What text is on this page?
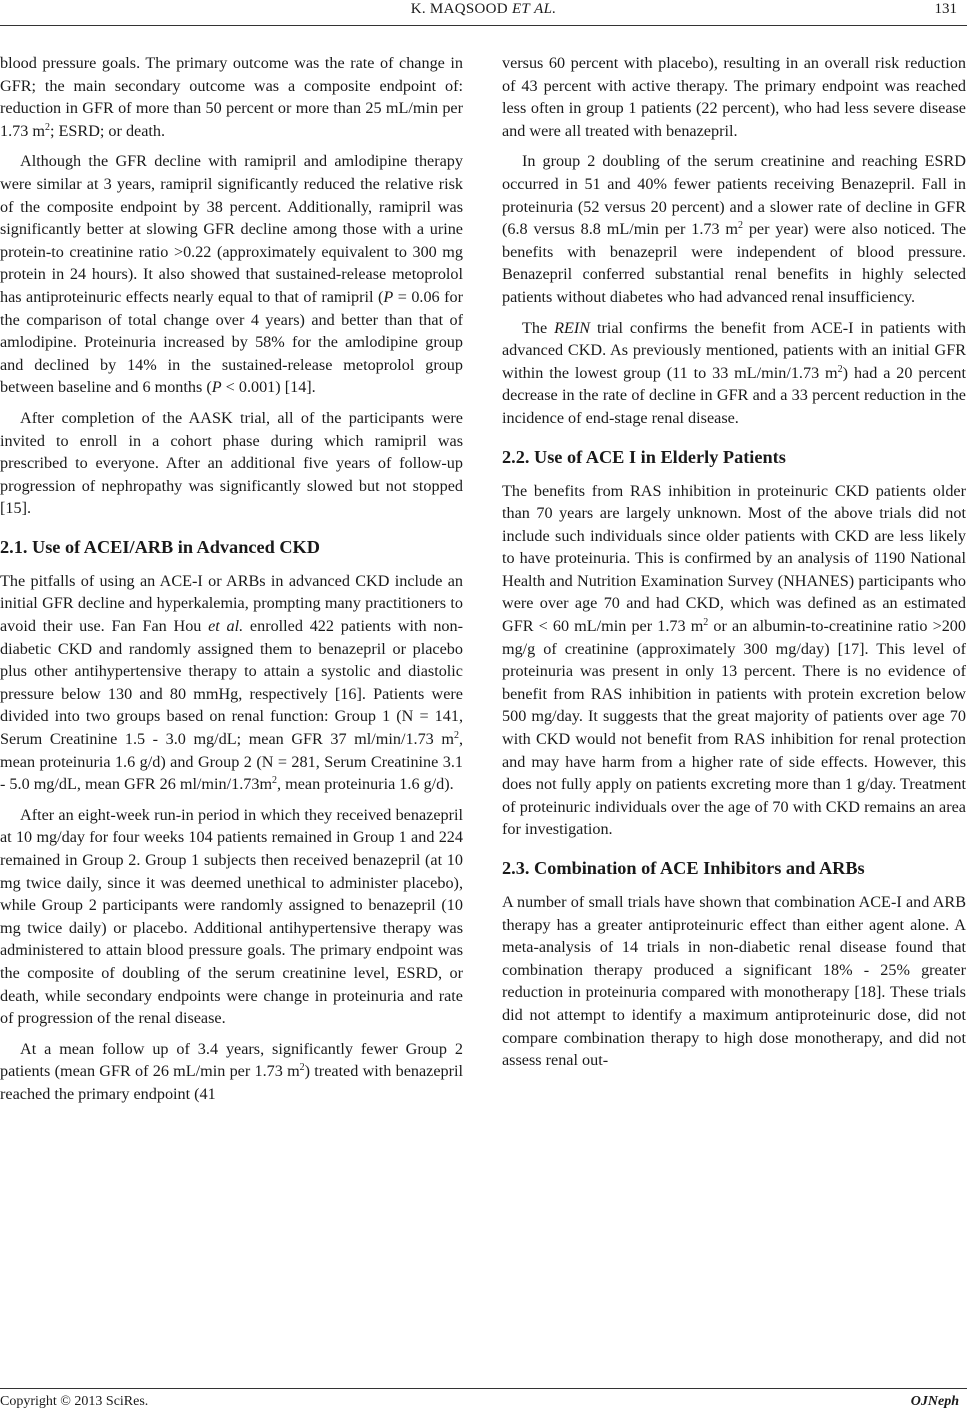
K. MAQSOOD ET AL.	131

blood pressure goals. The primary outcome was the rate of change in GFR; the main secondary outcome was a composite endpoint of: reduction in GFR of more than 50 percent or more than 25 mL/min per 1.73 $m^2$; ESRD; or death.

Although the GFR decline with ramipril and amlodipine therapy were similar at 3 years, ramipril significantly reduced the relative risk of the composite endpoint by 38 percent. Additionally, ramipril was significantly better at slowing GFR decline among those with a urine protein-to creatinine ratio >0.22 (approximately equivalent to 300 mg protein in 24 hours). It also showed that sustained-release metoprolol has antiproteinuric effects nearly equal to that of ramipril (P = 0.06 for the comparison of total change over 4 years) and better than that of amlodipine. Proteinuria increased by 58% for the amlodipine group and declined by 14% in the sustained-release metoprolol group between baseline and 6 months (P < 0.001) [14].

After completion of the AASK trial, all of the participants were invited to enroll in a cohort phase during which ramipril was prescribed to everyone. After an additional five years of follow-up progression of nephropathy was significantly slowed but not stopped [15].

2.1. Use of ACEI/ARB in Advanced CKD

The pitfalls of using an ACE-I or ARBs in advanced CKD include an initial GFR decline and hyperkalemia, prompting many practitioners to avoid their use. Fan Fan Hou et al. enrolled 422 patients with non-diabetic CKD and randomly assigned them to benazepril or placebo plus other antihypertensive therapy to attain a systolic and diastolic pressure below 130 and 80 mmHg, respectively [16]. Patients were divided into two groups based on renal function: Group 1 (N = 141, Serum Creatinine 1.5 - 3.0 mg/dL; mean GFR 37 ml/min/1.73 $m^2$, mean proteinuria 1.6 g/d) and Group 2 (N = 281, Serum Creatinine 3.1 - 5.0 mg/dL, mean GFR 26 $ml/\min/1.73m^2$, mean proteinuria 1.6 g/d).

After an eight-week run-in period in which they received benazepril at 10 mg/day for four weeks 104 patients remained in Group 1 and 224 remained in Group 2. Group 1 subjects then received benazepril (at 10 mg twice daily, since it was deemed unethical to administer placebo), while Group 2 participants were randomly assigned to benazepril (10 mg twice daily) or placebo. Additional antihypertensive therapy was administered to attain blood pressure goals. The primary endpoint was the composite of doubling of the serum creatinine level, ESRD, or death, while secondary endpoints were change in proteinuria and rate of progression of the renal disease.

At a mean follow up of 3.4 years, significantly fewer Group 2 patients (mean GFR of 26 mL/min per 1.73 $m^2$) treated with benazepril reached the primary endpoint (41

versus 60 percent with placebo), resulting in an overall risk reduction of 43 percent with active therapy. The primary endpoint was reached less often in group 1 patients (22 percent), who had less severe disease and were all treated with benazepril.

In group 2 doubling of the serum creatinine and reaching ESRD occurred in 51 and 40% fewer patients receiving Benazepril. Fall in proteinuria (52 versus 20 percent) and a slower rate of decline in GFR (6.8 versus 8.8 mL/min per 1.73 $m^2$ per year) were also noticed. The benefits with benazepril were independent of blood pressure. Benazepril conferred substantial renal benefits in highly selected patients without diabetes who had advanced renal insufficiency.

The REIN trial confirms the benefit from ACE-I in patients with advanced CKD. As previously mentioned, patients with an initial GFR within the lowest group (11 to 33 mL/min/1.73 $m^2$) had a 20 percent decrease in the rate of decline in GFR and a 33 percent reduction in the incidence of end-stage renal disease.

2.2. Use of ACE I in Elderly Patients

The benefits from RAS inhibition in proteinuric CKD patients older than 70 years are largely unknown. Most of the above trials did not include such individuals since older patients with CKD are less likely to have proteinuria. This is confirmed by an analysis of 1190 National Health and Nutrition Examination Survey (NHANES) participants who were over age 70 and had CKD, which was defined as an estimated GFR < 60 mL/min per 1.73 $m^2$ or an albumin-to-creatinine ratio >200 mg/g of creatinine (approximately 300 mg/day) [17]. This level of proteinuria was present in only 13 percent. There is no evidence of benefit from RAS inhibition in patients with protein excretion below 500 mg/day. It suggests that the great majority of patients over age 70 with CKD would not benefit from RAS inhibition for renal protection and may have harm from a higher rate of side effects. However, this does not fully apply on patients excreting more than 1 g/day. Treatment of proteinuric individuals over the age of 70 with CKD remains an area for investigation.

2.3. Combination of ACE Inhibitors and ARBs

A number of small trials have shown that combination ACE-I and ARB therapy has a greater antiproteinuric effect than either agent alone. A meta-analysis of 14 trials in non-diabetic renal disease found that combination therapy produced a significant 18% - 25% greater reduction in proteinuria compared with monotherapy [18]. These trials did not attempt to identify a maximum antiproteinuric dose, did not compare combination therapy to high dose monotherapy, and did not assess renal out-

Copyright © 2013 SciRes.	OJNeph
